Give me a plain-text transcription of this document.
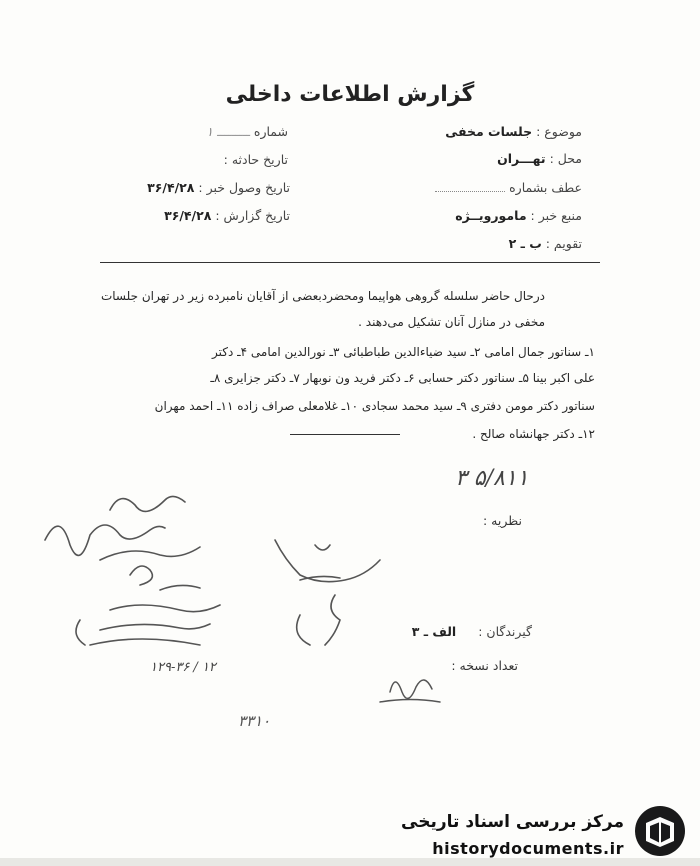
گزارش اطلاعات داخلی
موضوع : جلسات مخفی
محل : تهـــران
عطف بشماره
منبع خبر : مامورویــژه
تقویم : ب ـ ۲
شماره ـــــــــ ۱
تاریخ حادثه :
تاریخ وصول خبر : ۳۶/۴/۲۸
تاریخ گزارش : ۳۶/۴/۲۸
درحال حاضر سلسله گروهی هواپیما ومحضردبعضی از آقایان نامبرده زیر در تهران جلسات
مخفی در منازل آنان تشکیل می‌دهند .
۱ـ سناتور جمال امامی ۲ـ سید ضیاءالدین طباطبائی ۳ـ نورالدین امامی ۴ـ دکتر
علی اکبر بینا ۵ـ سناتور دکتر حسابی ۶ـ دکتر فرید ون نوبهار ۷ـ دکتر جزایری ۸ـ
سناتور دکتر مومن دفتری ۹ـ سید محمد سجادی ۱۰ـ غلامعلی صراف زاده ۱۱ـ احمد مهران
۱۲ـ دکتر جهانشاه صالح .
۳ ۵/۸۱۱
نظریه :
۱۲۹-۳۶ / ۱۲
گیرندگان : الف ـ ۳
تعداد نسخه :
۳۳۱۰
مرکز بررسی اسناد تاریخی
historydocuments.ir
